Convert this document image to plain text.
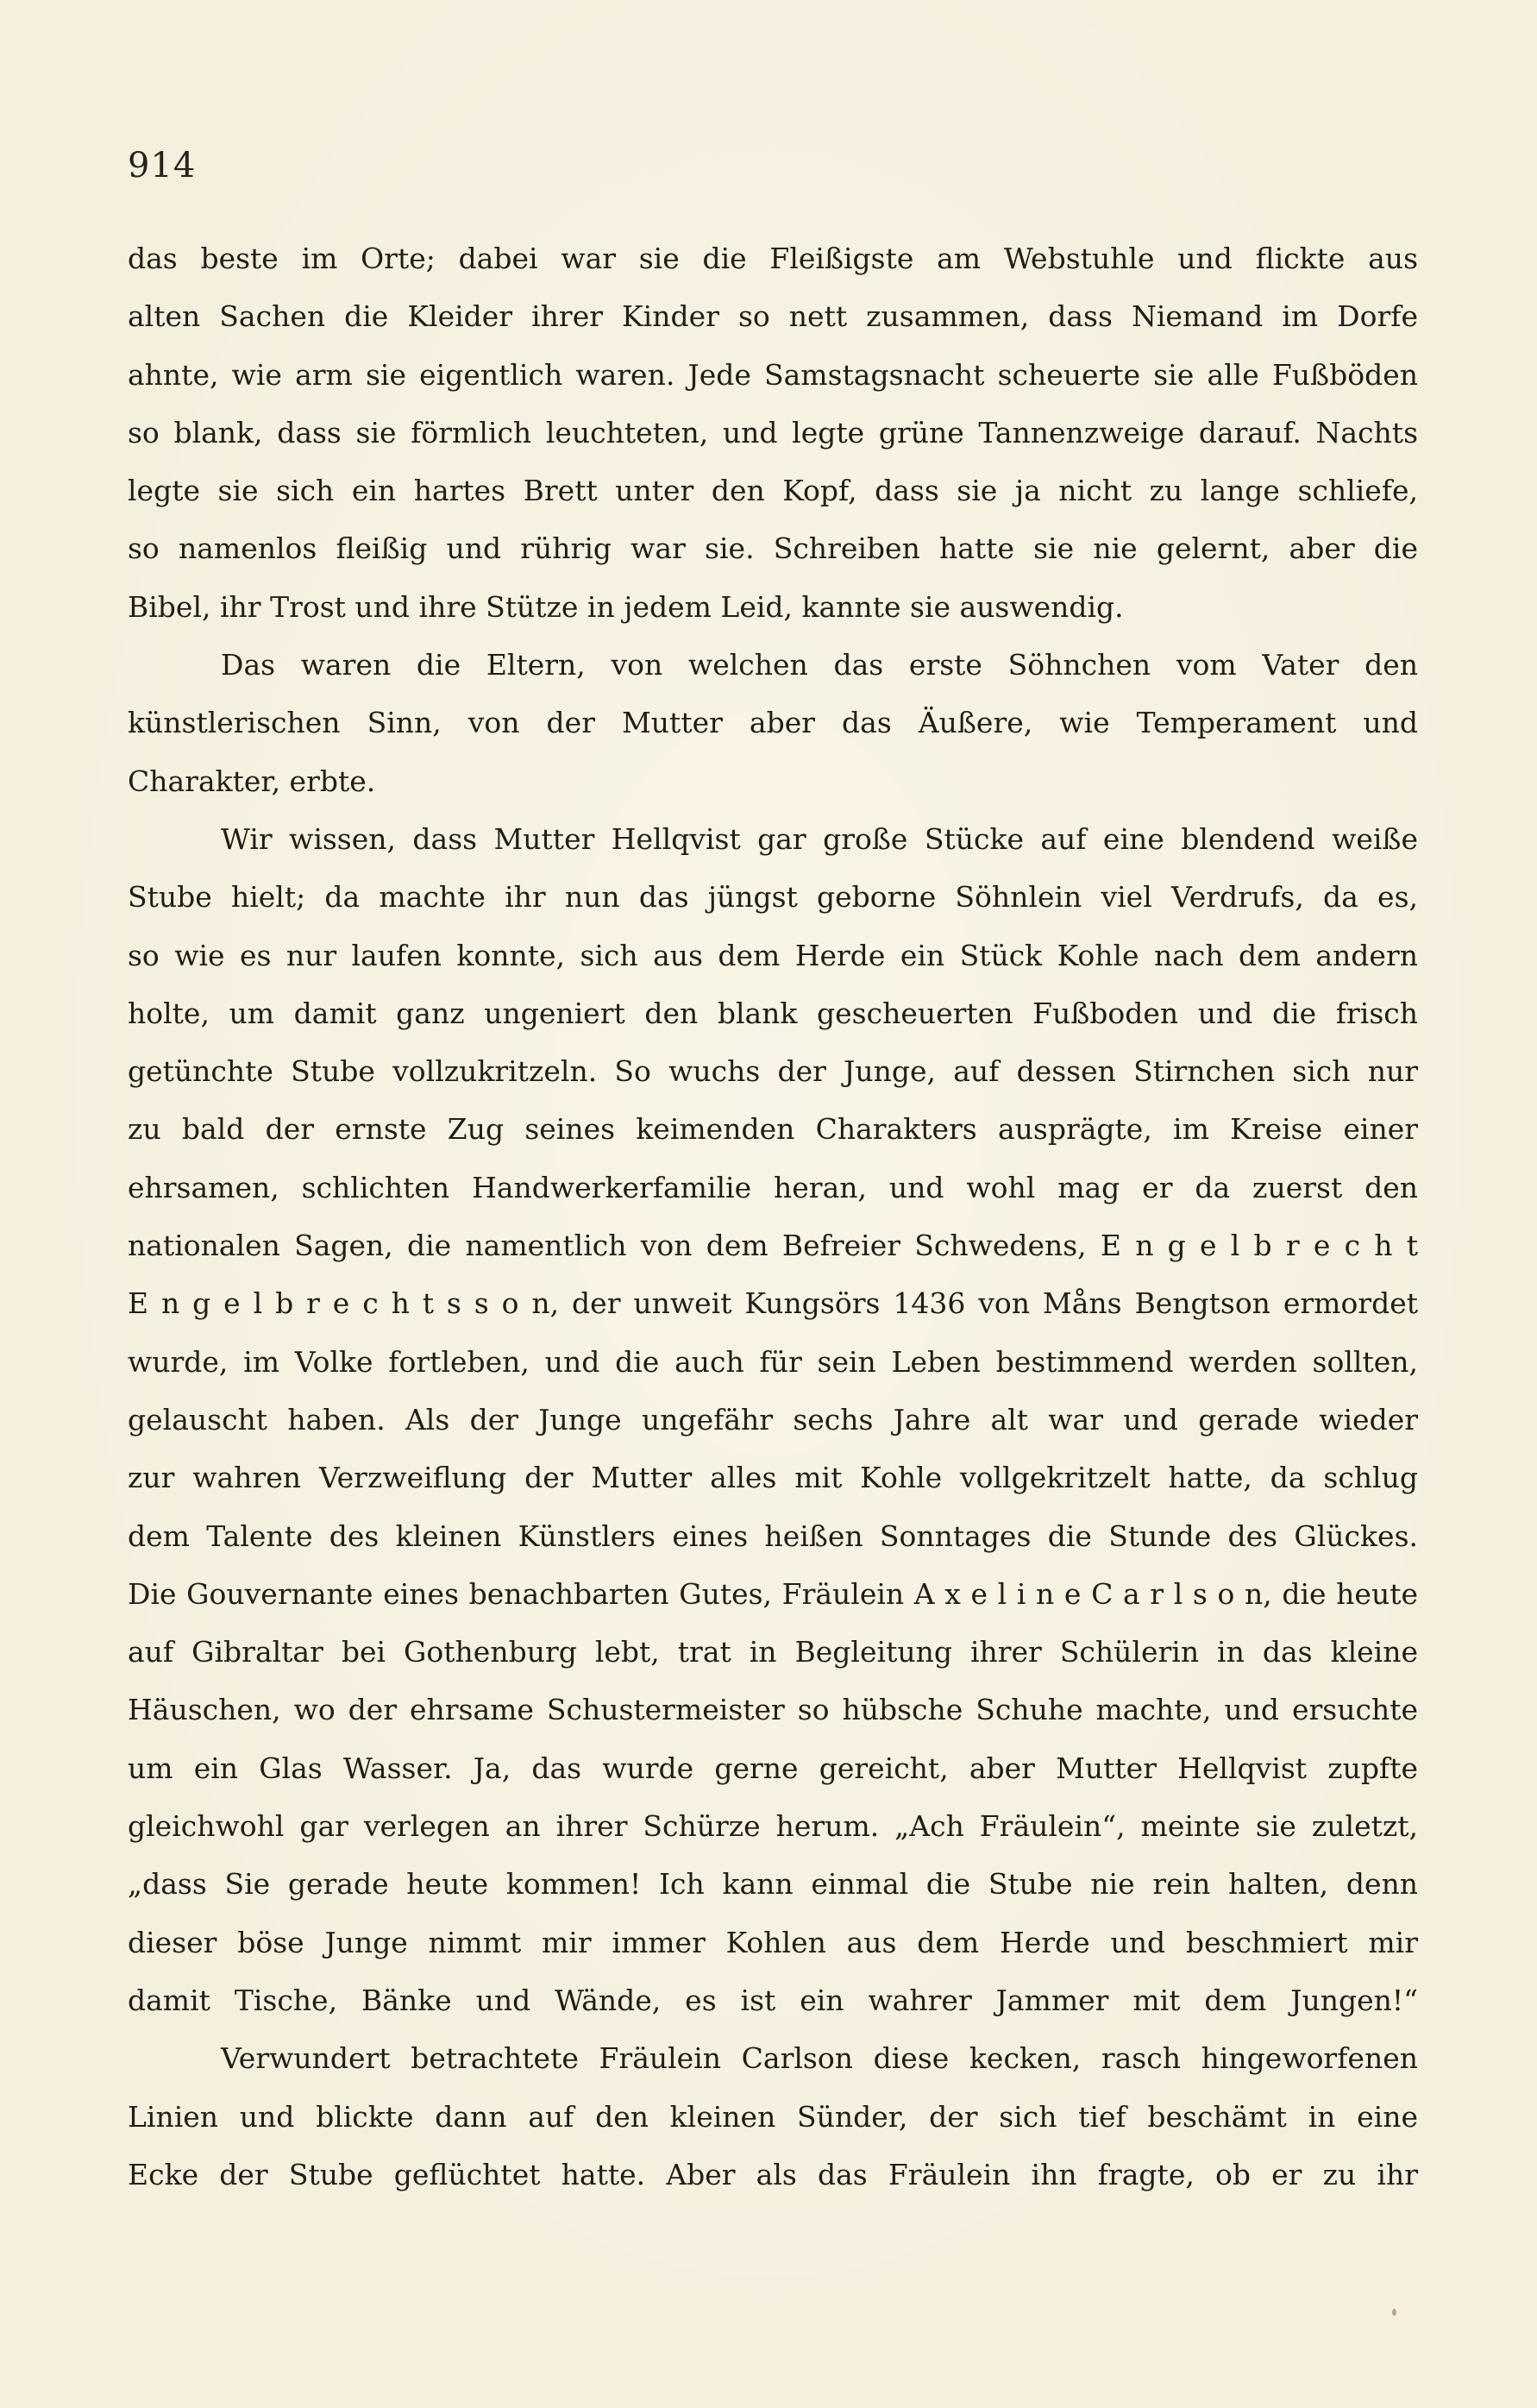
914
das beste im Orte; dabei war sie die Fleißigste am Webstuhle und flickte aus
alten Sachen die Kleider ihrer Kinder so nett zusammen, dass Niemand im Dorfe
ahnte, wie arm sie eigentlich waren. Jede Samstagsnacht scheuerte sie alle Fußböden
so blank, dass sie förmlich leuchteten, und legte grüne Tannenzweige darauf. Nachts
legte sie sich ein hartes Brett unter den Kopf, dass sie ja nicht zu lange schliefe,
so namenlos fleißig und rührig war sie. Schreiben hatte sie nie gelernt, aber die
Bibel, ihr Trost und ihre Stütze in jedem Leid, kannte sie auswendig.
Das waren die Eltern, von welchen das erste Söhnchen vom Vater den
künstlerischen Sinn, von der Mutter aber das Äußere, wie Temperament und
Charakter, erbte.
Wir wissen, dass Mutter Hellqvist gar große Stücke auf eine blendend weiße
Stube hielt; da machte ihr nun das jüngst geborne Söhnlein viel Verdrufs, da es,
so wie es nur laufen konnte, sich aus dem Herde ein Stück Kohle nach dem andern
holte, um damit ganz ungeniert den blank gescheuerten Fußboden und die frisch
getünchte Stube vollzukritzeln. So wuchs der Junge, auf dessen Stirnchen sich nur
zu bald der ernste Zug seines keimenden Charakters ausprägte, im Kreise einer
ehrsamen, schlichten Handwerkerfamilie heran, und wohl mag er da zuerst den
nationalen Sagen, die namentlich von dem Befreier Schwedens, E n g e l b r e c h t
E n g e l b r e c h t s s o n, der unweit Kungsörs 1436 von Måns Bengtson ermordet
wurde, im Volke fortleben, und die auch für sein Leben bestimmend werden sollten,
gelauscht haben. Als der Junge ungefähr sechs Jahre alt war und gerade wieder
zur wahren Verzweiflung der Mutter alles mit Kohle vollgekritzelt hatte, da schlug
dem Talente des kleinen Künstlers eines heißen Sonntages die Stunde des Glückes.
Die Gouvernante eines benachbarten Gutes, Fräulein A x e l i n e C a r l s o n, die heute
auf Gibraltar bei Gothenburg lebt, trat in Begleitung ihrer Schülerin in das kleine
Häuschen, wo der ehrsame Schustermeister so hübsche Schuhe machte, und ersuchte
um ein Glas Wasser. Ja, das wurde gerne gereicht, aber Mutter Hellqvist zupfte
gleichwohl gar verlegen an ihrer Schürze herum. „Ach Fräulein“, meinte sie zuletzt,
„dass Sie gerade heute kommen! Ich kann einmal die Stube nie rein halten, denn
dieser böse Junge nimmt mir immer Kohlen aus dem Herde und beschmiert mir
damit Tische, Bänke und Wände, es ist ein wahrer Jammer mit dem Jungen!“
Verwundert betrachtete Fräulein Carlson diese kecken, rasch hingeworfenen
Linien und blickte dann auf den kleinen Sünder, der sich tief beschämt in eine
Ecke der Stube geflüchtet hatte. Aber als das Fräulein ihn fragte, ob er zu ihr
